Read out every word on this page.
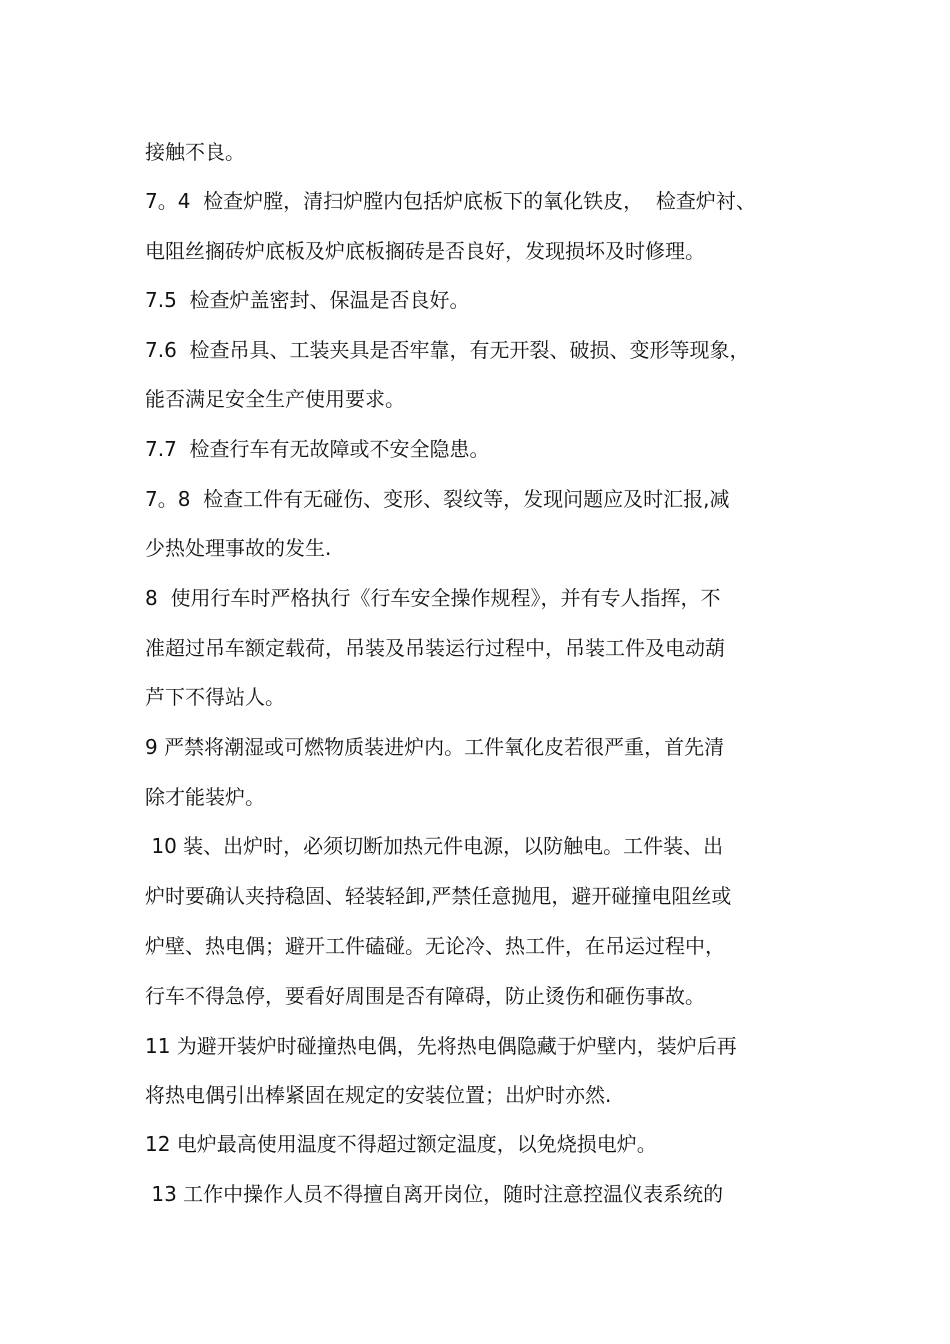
接触不良。
7。4  检查炉膛，清扫炉膛内包括炉底板下的氧化铁皮，  检查炉衬、
电阻丝搁砖炉底板及炉底板搁砖是否良好，发现损坏及时修理。
7.5  检查炉盖密封、保温是否良好。
7.6  检查吊具、工装夹具是否牢靠，有无开裂、破损、变形等现象，
能否满足安全生产使用要求。
7.7  检查行车有无故障或不安全隐患。
7。8  检查工件有无碰伤、变形、裂纹等，发现问题应及时汇报,减
少热处理事故的发生.
8  使用行车时严格执行《行车安全操作规程》，并有专人指挥，不
准超过吊车额定载荷，吊装及吊装运行过程中，吊装工件及电动葫
芦下不得站人。
9 严禁将潮湿或可燃物质装进炉内。工件氧化皮若很严重，首先清
除才能装炉。
10 装、出炉时，必须切断加热元件电源，以防触电。工件装、出
炉时要确认夹持稳固、轻装轻卸,严禁任意抛甩，避开碰撞电阻丝或
炉壁、热电偶；避开工件磕碰。无论冷、热工件，在吊运过程中，
行车不得急停，要看好周围是否有障碍，防止烫伤和砸伤事故。
11 为避开装炉时碰撞热电偶，先将热电偶隐藏于炉壁内，装炉后再
将热电偶引出棒紧固在规定的安装位置；出炉时亦然.
12 电炉最高使用温度不得超过额定温度，以免烧损电炉。
13 工作中操作人员不得擅自离开岗位，随时注意控温仪表系统的
